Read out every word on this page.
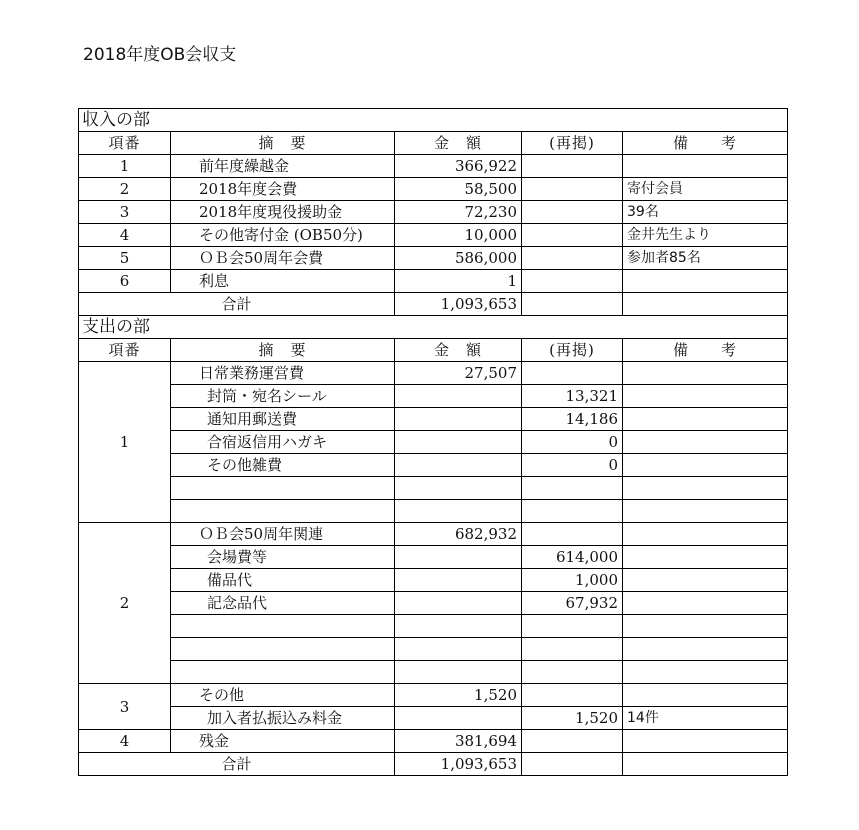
2018年度OB会収支
収入の部				
項番	摘　要	金　額	(再掲)	備　　考
1	前年度繰越金	366,922		
2	2018年度会費	58,500		寄付会員
3	2018年度現役援助金	72,230		39名
4	その他寄付金 (OB50分)	10,000		金井先生より
5	ＯＢ会50周年会費	586,000		参加者85名
6	利息	1		
合計		1,093,653		
支出の部				
項番	摘　要	金　額	(再掲)	備　　考
1	日常業務運営費	27,507		
	封筒・宛名シール		13,321	
	通知用郵送費		14,186	
	合宿返信用ハガキ		0	
	その他雑費		0	

2	ＯＢ会50周年関連	682,932		
	会場費等		614,000	
	備品代		1,000	
	記念品代		67,932	

3	その他	1,520		
	加入者払振込み料金		1,520	14件
4	残金	381,694		
合計		1,093,653		
